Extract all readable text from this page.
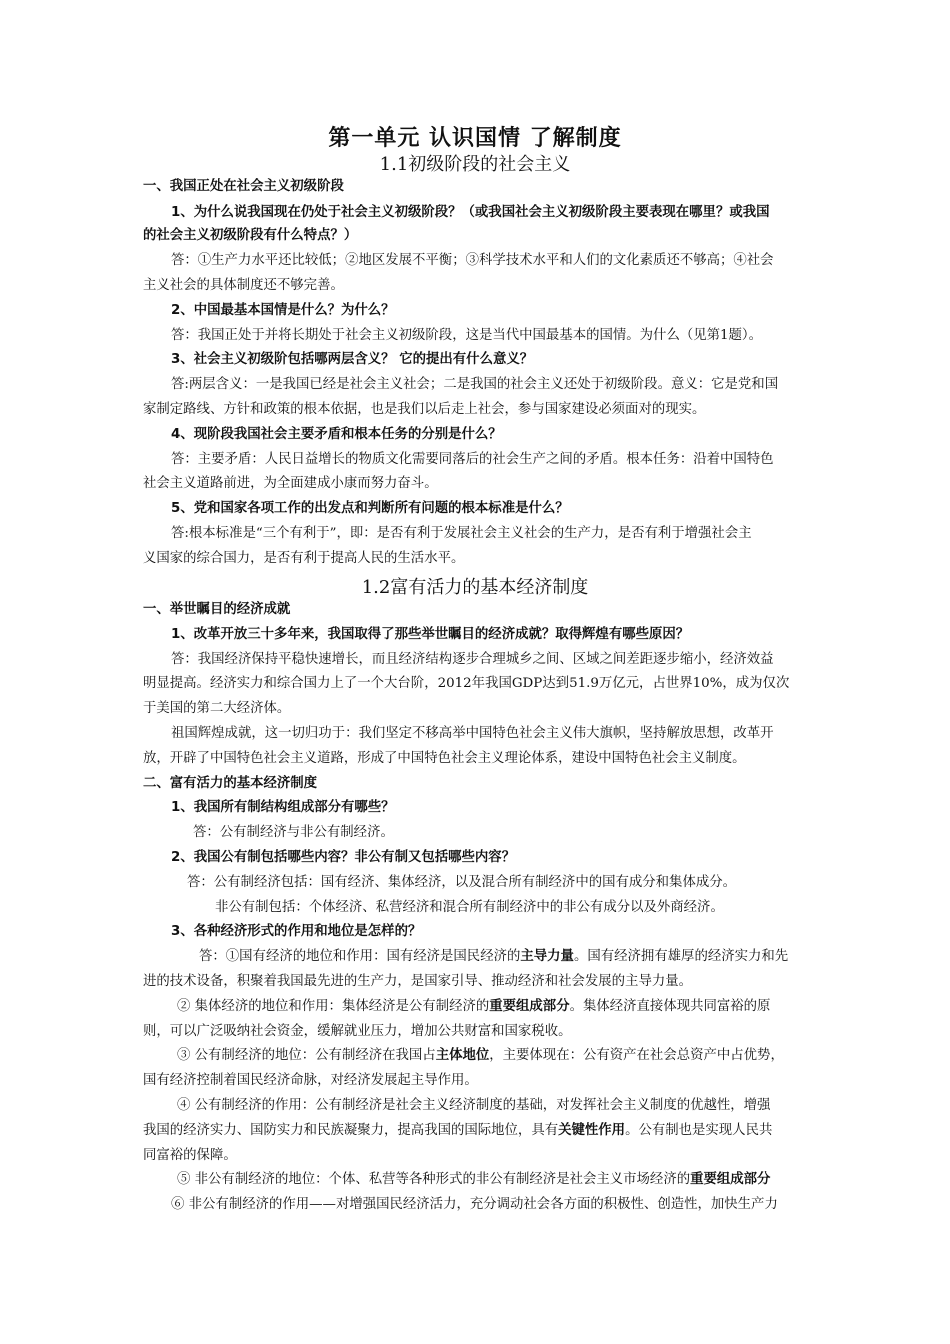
第一单元 认识国情 了解制度
1.1初级阶段的社会主义
一、我国正处在社会主义初级阶段
1、为什么说我国现在仍处于社会主义初级阶段？（或我国社会主义初级阶段主要表现在哪里？或我国
的社会主义初级阶段有什么特点？）
答：①生产力水平还比较低；②地区发展不平衡；③科学技术水平和人们的文化素质还不够高；④社会
主义社会的具体制度还不够完善。
2、中国最基本国情是什么？为什么？
答：我国正处于并将长期处于社会主义初级阶段，这是当代中国最基本的国情。为什么（见第1题）。
3、社会主义初级阶包括哪两层含义？ 它的提出有什么意义？
答:两层含义：一是我国已经是社会主义社会；二是我国的社会主义还处于初级阶段。意义：它是党和国
家制定路线、方针和政策的根本依据，也是我们以后走上社会，参与国家建设必须面对的现实。
4、现阶段我国社会主要矛盾和根本任务的分别是什么？
答：主要矛盾：人民日益增长的物质文化需要同落后的社会生产之间的矛盾。根本任务：沿着中国特色
社会主义道路前进，为全面建成小康而努力奋斗。
5、党和国家各项工作的出发点和判断所有问题的根本标准是什么？
答:根本标准是“三个有利于”，即：是否有利于发展社会主义社会的生产力，是否有利于增强社会主
义国家的综合国力，是否有利于提高人民的生活水平。
1.2富有活力的基本经济制度
一、举世瞩目的经济成就
1、改革开放三十多年来，我国取得了那些举世瞩目的经济成就？取得辉煌有哪些原因？
答：我国经济保持平稳快速增长，而且经济结构逐步合理城乡之间、区域之间差距逐步缩小，经济效益
明显提高。经济实力和综合国力上了一个大台阶，2012年我国GDP达到51.9万亿元，占世界10%，成为仅次
于美国的第二大经济体。
祖国辉煌成就，这一切归功于：我们坚定不移高举中国特色社会主义伟大旗帜，坚持解放思想，改革开
放，开辟了中国特色社会主义道路，形成了中国特色社会主义理论体系，建设中国特色社会主义制度。
二、富有活力的基本经济制度
1、我国所有制结构组成部分有哪些？
答：公有制经济与非公有制经济。
2、我国公有制包括哪些内容？非公有制又包括哪些内容？
答：公有制经济包括：国有经济、集体经济，以及混合所有制经济中的国有成分和集体成分。
非公有制包括：个体经济、私营经济和混合所有制经济中的非公有成分以及外商经济。
3、各种经济形式的作用和地位是怎样的？
答：①国有经济的地位和作用：国有经济是国民经济的主导力量。国有经济拥有雄厚的经济实力和先
进的技术设备，积聚着我国最先进的生产力，是国家引导、推动经济和社会发展的主导力量。
② 集体经济的地位和作用：集体经济是公有制经济的重要组成部分。集体经济直接体现共同富裕的原
则，可以广泛吸纳社会资金，缓解就业压力，增加公共财富和国家税收。
③ 公有制经济的地位：公有制经济在我国占主体地位，主要体现在：公有资产在社会总资产中占优势，
国有经济控制着国民经济命脉，对经济发展起主导作用。
④ 公有制经济的作用：公有制经济是社会主义经济制度的基础，对发挥社会主义制度的优越性，增强
我国的经济实力、国防实力和民族凝聚力，提高我国的国际地位，具有关键性作用。公有制也是实现人民共
同富裕的保障。
⑤ 非公有制经济的地位：个体、私营等各种形式的非公有制经济是社会主义市场经济的重要组成部分
⑥ 非公有制经济的作用——对增强国民经济活力，充分调动社会各方面的积极性、创造性，加快生产力
